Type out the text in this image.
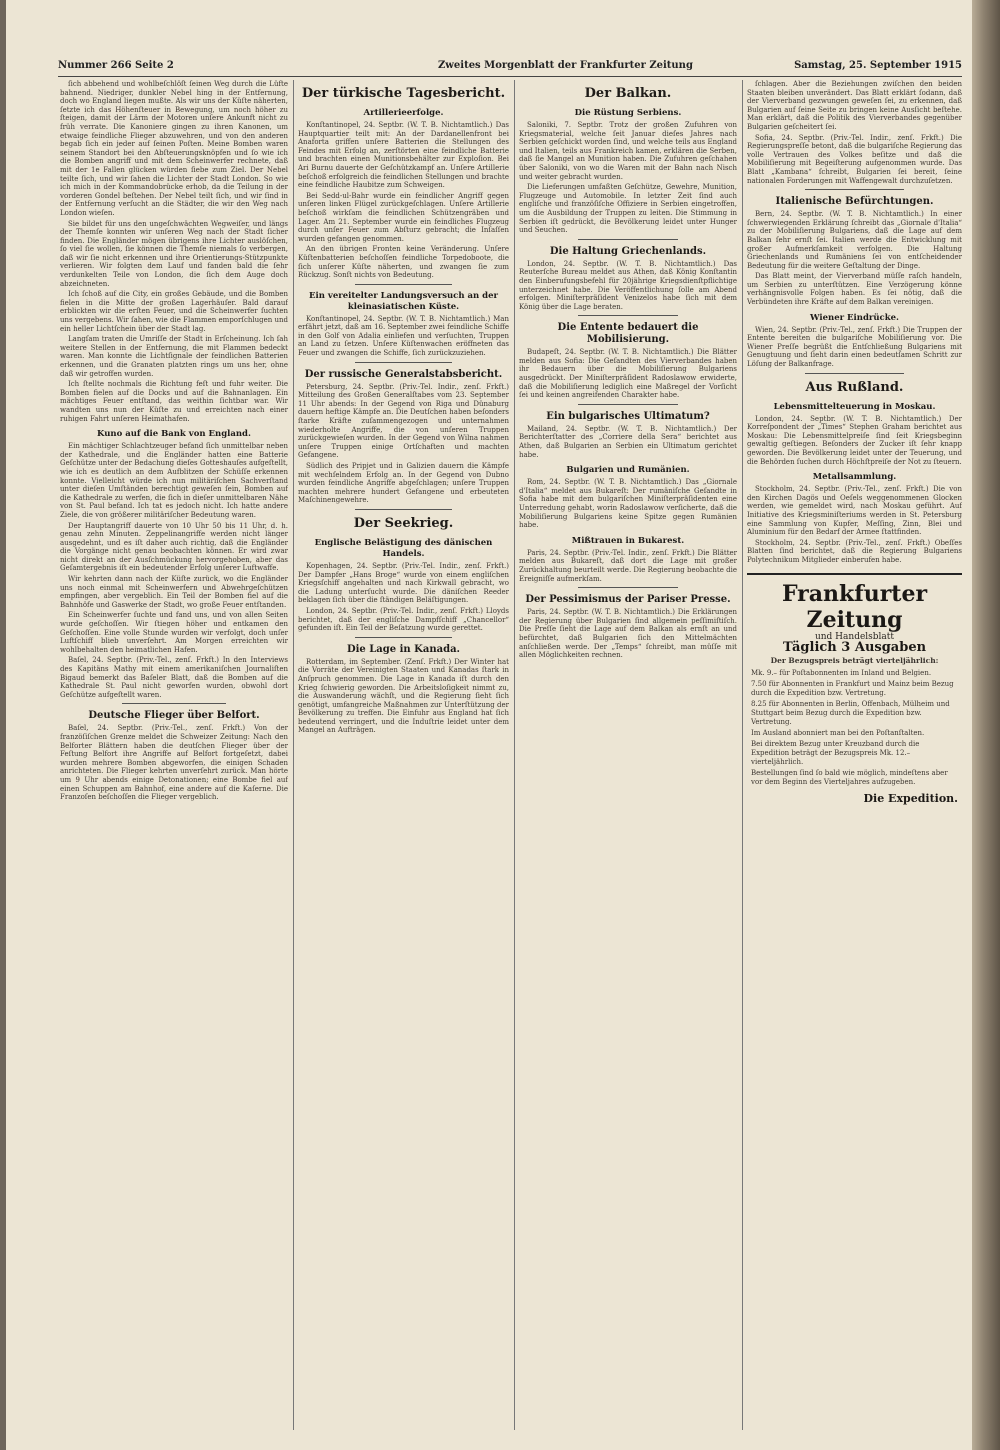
Nummer 266 Seite 2	Zweites Morgenblatt der Frankfurter Zeitung	Samstag, 25. September 1915

ſich abbehend und wohlbeſchlöſt ſeinen Weg durch die Lüfte bahnend. Niedriger, dunkler Nebel hing in der Entfernung, doch wo England liegen mußte. Als wir uns der Küſte näherten, ſetzte ich das Höhenſteuer in Bewegung, um noch höher zu ſteigen, damit der Lärm der Motoren unſere Ankunft nicht zu früh verrate. Die Kanoniere gingen zu ihren Kanonen, um etwaige feindliche Flieger abzuwehren, und von den anderen begab ſich ein jeder auf ſeinen Poſten. Meine Bomben waren seinem Standort bei den Abſteuerungsknöpfen und ſo wie ich die Bomben angriff und mit dem Scheinwerfer rechnete, daß mit der 1e Fallen glücken würden ſiebe zum Ziel. Der Nebel teilte ſich, und wir ſahen die Lichter der Stadt London. So wie ich mich in der Kommandobrücke erhob, da die Teilung in der vorderen Gondel beſtehen. Der Nebel teilt ſich, und wir ſind in der Entfernung verſucht an die Städter, die wir den Weg nach London wieſen.

Sie bildet für uns den ungeſchwächten Wegweiſer, und längs der Themſe konnten wir unſeren Weg nach der Stadt ſicher finden. Die Engländer mögen übrigens ihre Lichter auslöſchen, ſo viel ſie wollen, ſie können die Themſe niemals ſo verbergen, daß wir ſie nicht erkennen und ihre Orientierungs-Stützpunkte verlieren. Wir folgten dem Lauf und fanden bald die ſehr verdunkelten Teile von London, die ſich dem Auge doch abzeichneten.

Ich ſchoß auf die City, ein großes Gebäude, und die Bomben fielen in die Mitte der großen Lagerhäuſer. Bald darauf erblickten wir die erſten Feuer, und die Scheinwerfer ſuchten uns vergebens. Wir ſahen, wie die Flammen emporſchlugen und ein heller Lichtſchein über der Stadt lag.

Langſam traten die Umriſſe der Stadt in Erſcheinung. Ich ſah weitere Stellen in der Entfernung, die mit Flammen bedeckt waren. Man konnte die Lichtſignale der feindlichen Batterien erkennen, und die Granaten platzten rings um uns her, ohne daß wir getroffen wurden.

Ich ſtellte nochmals die Richtung feſt und fuhr weiter. Die Bomben fielen auf die Docks und auf die Bahnanlagen. Ein mächtiges Feuer entſtand, das weithin ſichtbar war. Wir wandten uns nun der Küſte zu und erreichten nach einer ruhigen Fahrt unſeren Heimathafen.

Kuno auf die Bank von England.

Ein mächtiger Schlachtzeuger befand ſich unmittelbar neben der Kathedrale, und die Engländer hatten eine Batterie Geſchütze unter der Bedachung dieſes Gotteshauſes aufgeſtellt, wie ich es deutlich an dem Aufblitzen der Schüſſe erkennen konnte. Vielleicht würde ich nun militäriſchen Sachverſtand unter dieſen Umſtänden berechtigt geweſen ſein, Bomben auf die Kathedrale zu werfen, die ſich in dieſer unmittelbaren Nähe von St. Paul befand. Ich tat es jedoch nicht. Ich hatte andere Ziele, die von größerer militäriſcher Bedeutung waren.

Der Hauptangriff dauerte von 10 Uhr 50 bis 11 Uhr, d. h. genau zehn Minuten. Zeppelinangriffe werden nicht länger ausgedehnt, und es iſt daher auch richtig, daß die Engländer die Vorgänge nicht genau beobachten können. Er wird zwar nicht direkt an der Ausſchmückung hervorgehoben, aber das Geſamtergebnis iſt ein bedeutender Erfolg unſerer Luftwaffe.

Wir kehrten dann nach der Küſte zurück, wo die Engländer uns noch einmal mit Scheinwerfern und Abwehrgeſchützen empfingen, aber vergeblich. Ein Teil der Bomben fiel auf die Bahnhöfe und Gaswerke der Stadt, wo große Feuer entſtanden.

Ein Scheinwerfer ſuchte und fand uns, und von allen Seiten wurde geſchoſſen. Wir ſtiegen höher und entkamen den Geſchoſſen. Eine volle Stunde wurden wir verfolgt, doch unſer Luftſchiff blieb unverſehrt. Am Morgen erreichten wir wohlbehalten den heimatlichen Hafen.

Baſel, 24. Septbr. (Priv.-Tel., zenſ. Frkft.) In den Interviews des Kapitäns Mathy mit einem amerikaniſchen Journaliſten Bigaud bemerkt das Baſeler Blatt, daß die Bomben auf die Kathedrale St. Paul nicht geworfen wurden, obwohl dort Geſchütze aufgeſtellt waren.

Deutsche Flieger über Belfort.

Baſel, 24. Septbr. (Priv.-Tel., zenſ. Frkft.) Von der franzöſiſchen Grenze meldet die Schweizer Zeitung: Nach den Belforter Blättern haben die deutſchen Flieger über der Feſtung Belfort ihre Angriffe auf Belfort fortgeſetzt, dabei wurden mehrere Bomben abgeworfen, die einigen Schaden anrichteten. Die Flieger kehrten unverſehrt zurück. Man hörte um 9 Uhr abends einige Detonationen; eine Bombe fiel auf einen Schuppen am Bahnhof, eine andere auf die Kaſerne. Die Franzoſen beſchoſſen die Flieger vergeblich.

Der türkische Tagesbericht.
Artillerieerfolge.

Konſtantinopel, 24. Septbr. (W. T. B. Nichtamtlich.) Das Hauptquartier teilt mit: An der Dardanellenfront bei Anaforta griffen unſere Batterien die Stellungen des Feindes mit Erfolg an, zerſtörten eine feindliche Batterie und brachten einen Munitionsbehälter zur Exploſion. Bei Ari Burnu dauerte der Geſchützkampf an. Unſere Artillerie beſchoß erfolgreich die feindlichen Stellungen und brachte eine feindliche Haubitze zum Schweigen.

Bei Sedd-ul-Bahr wurde ein feindlicher Angriff gegen unſeren linken Flügel zurückgeſchlagen. Unſere Artillerie beſchoß wirkſam die feindlichen Schützengräben und Lager. Am 21. September wurde ein feindliches Flugzeug durch unſer Feuer zum Abſturz gebracht; die Inſaſſen wurden gefangen genommen.

An den übrigen Fronten keine Veränderung. Unſere Küſtenbatterien beſchoſſen feindliche Torpedoboote, die ſich unſerer Küſte näherten, und zwangen ſie zum Rückzug. Sonſt nichts von Bedeutung.

Ein vereitelter Landungsversuch an der kleinasiatischen Küste.

Konſtantinopel, 24. Septbr. (W. T. B. Nichtamtlich.) Man erfährt jetzt, daß am 16. September zwei feindliche Schiffe in den Golf von Adalia einliefen und verſuchten, Truppen an Land zu ſetzen. Unſere Küſtenwachen eröffneten das Feuer und zwangen die Schiffe, ſich zurückzuziehen.

Der russische Generalstabsbericht.

Petersburg, 24. Septbr. (Priv.-Tel. Indir., zenſ. Frkft.) Mitteilung des Großen Generalſtabes vom 23. September 11 Uhr abends: In der Gegend von Riga und Dünaburg dauern heftige Kämpfe an. Die Deutſchen haben beſonders ſtarke Kräfte zuſammengezogen und unternahmen wiederholte Angriffe, die von unſeren Truppen zurückgewieſen wurden. In der Gegend von Wilna nahmen unſere Truppen einige Ortſchaften und machten Gefangene.

Südlich des Pripjet und in Galizien dauern die Kämpfe mit wechſelndem Erfolg an. In der Gegend von Dubno wurden feindliche Angriffe abgeſchlagen; unſere Truppen machten mehrere hundert Gefangene und erbeuteten Maſchinengewehre.

Der Seekrieg.
Englische Belästigung des dänischen Handels.

Kopenhagen, 24. Septbr. (Priv.-Tel. Indir., zenſ. Frkft.) Der Dampfer „Hans Broge“ wurde von einem engliſchen Kriegsſchiff angehalten und nach Kirkwall gebracht, wo die Ladung unterſucht wurde. Die däniſchen Reeder beklagen ſich über die ſtändigen Beläſtigungen.

London, 24. Septbr. (Priv.-Tel. Indir., zenſ. Frkft.) Lloyds berichtet, daß der engliſche Dampfſchiff „Chancellor“ gefunden iſt. Ein Teil der Beſatzung wurde gerettet.

Die Lage in Kanada.

Rotterdam, im September. (Zenſ. Frkft.) Der Winter hat die Vorräte der Vereinigten Staaten und Kanadas ſtark in Anſpruch genommen. Die Lage in Kanada iſt durch den Krieg ſchwierig geworden. Die Arbeitsloſigkeit nimmt zu, die Auswanderung wächſt, und die Regierung ſieht ſich genötigt, umfangreiche Maßnahmen zur Unterſtützung der Bevölkerung zu treffen. Die Einfuhr aus England hat ſich bedeutend verringert, und die Induſtrie leidet unter dem Mangel an Aufträgen.

Der Balkan.
Die Rüstung Serbiens.

Saloniki, 7. Septbr. Trotz der großen Zufuhren von Kriegsmaterial, welche ſeit Januar dieſes Jahres nach Serbien geſchickt worden ſind, und welche teils aus England und Italien, teils aus Frankreich kamen, erklären die Serben, daß ſie Mangel an Munition haben. Die Zufuhren geſchahen über Saloniki, von wo die Waren mit der Bahn nach Nisch und weiter gebracht wurden.

Die Lieferungen umfaßten Geſchütze, Gewehre, Munition, Flugzeuge und Automobile. In letzter Zeit ſind auch engliſche und franzöſiſche Offiziere in Serbien eingetroffen, um die Ausbildung der Truppen zu leiten. Die Stimmung in Serbien iſt gedrückt, die Bevölkerung leidet unter Hunger und Seuchen.

Die Haltung Griechenlands.

London, 24. Septbr. (W. T. B. Nichtamtlich.) Das Reuterſche Bureau meldet aus Athen, daß König Konſtantin den Einberufungsbefehl für 20jährige Kriegsdienſtpflichtige unterzeichnet habe. Die Veröffentlichung ſolle am Abend erfolgen. Miniſterpräſident Venizelos habe ſich mit dem König über die Lage beraten.

Die Entente bedauert die Mobilisierung.

Budapeſt, 24. Septbr. (W. T. B. Nichtamtlich.) Die Blätter melden aus Sofia: Die Geſandten des Vierverbandes haben ihr Bedauern über die Mobiliſierung Bulgariens ausgedrückt. Der Miniſterpräſident Radoslawow erwiderte, daß die Mobiliſierung lediglich eine Maßregel der Vorſicht ſei und keinen angreifenden Charakter habe.

Ein bulgarisches Ultimatum?

Mailand, 24. Septbr. (W. T. B. Nichtamtlich.) Der Berichterſtatter des „Corriere della Sera“ berichtet aus Athen, daß Bulgarien an Serbien ein Ultimatum gerichtet habe.

Bulgarien und Rumänien.

Rom, 24. Septbr. (W. T. B. Nichtamtlich.) Das „Giornale d'Italia“ meldet aus Bukareſt: Der rumäniſche Geſandte in Sofia habe mit dem bulgariſchen Miniſterpräſidenten eine Unterredung gehabt, worin Radoslawow verſicherte, daß die Mobiliſierung Bulgariens keine Spitze gegen Rumänien habe.

Mißtrauen in Bukarest.

Paris, 24. Septbr. (Priv.-Tel. Indir., zenſ. Frkft.) Die Blätter melden aus Bukareſt, daß dort die Lage mit großer Zurückhaltung beurteilt werde. Die Regierung beobachte die Ereigniſſe aufmerkſam.

Der Pessimismus der Pariser Presse.

Paris, 24. Septbr. (W. T. B. Nichtamtlich.) Die Erklärungen der Regierung über Bulgarien ſind allgemein peſſimiſtiſch. Die Preſſe ſieht die Lage auf dem Balkan als ernſt an und befürchtet, daß Bulgarien ſich den Mittelmächten anſchließen werde. Der „Temps“ ſchreibt, man müſſe mit allen Möglichkeiten rechnen.

ſchlagen. Aber die Beziehungen zwiſchen den beiden Staaten bleiben unverändert. Das Blatt erklärt ſodann, daß der Vierverband gezwungen geweſen ſei, zu erkennen, daß Bulgarien auf ſeine Seite zu bringen keine Ausſicht beſtehe. Man erklärt, daß die Politik des Vierverbandes gegenüber Bulgarien geſcheitert ſei.

Sofia, 24. Septbr. (Priv.-Tel. Indir., zenſ. Frkft.) Die Regierungspreſſe betont, daß die bulgariſche Regierung das volle Vertrauen des Volkes beſitze und daß die Mobiliſierung mit Begeiſterung aufgenommen wurde. Das Blatt „Kambana“ ſchreibt, Bulgarien ſei bereit, ſeine nationalen Forderungen mit Waffengewalt durchzuſetzen.

Italienische Befürchtungen.

Bern, 24. Septbr. (W. T. B. Nichtamtlich.) In einer ſchwerwiegenden Erklärung ſchreibt das „Giornale d'Italia“ zu der Mobiliſierung Bulgariens, daß die Lage auf dem Balkan ſehr ernſt ſei. Italien werde die Entwicklung mit großer Aufmerkſamkeit verfolgen. Die Haltung Griechenlands und Rumäniens ſei von entſcheidender Bedeutung für die weitere Geſtaltung der Dinge.

Das Blatt meint, der Vierverband müſſe raſch handeln, um Serbien zu unterſtützen. Eine Verzögerung könne verhängnisvolle Folgen haben. Es ſei nötig, daß die Verbündeten ihre Kräfte auf dem Balkan vereinigen.

Wiener Eindrücke.

Wien, 24. Septbr. (Priv.-Tel., zenſ. Frkft.) Die Truppen der Entente bereiten die bulgariſche Mobiliſierung vor. Die Wiener Preſſe begrüßt die Entſchließung Bulgariens mit Genugtuung und ſieht darin einen bedeutſamen Schritt zur Löſung der Balkanfrage.

Aus Rußland.
Lebensmittelteuerung in Moskau.

London, 24. Septbr. (W. T. B. Nichtamtlich.) Der Korreſpondent der „Times“ Stephen Graham berichtet aus Moskau: Die Lebensmittelpreiſe ſind ſeit Kriegsbeginn gewaltig geſtiegen. Beſonders der Zucker iſt ſehr knapp geworden. Die Bevölkerung leidet unter der Teuerung, und die Behörden ſuchen durch Höchſtpreiſe der Not zu ſteuern.

Metallsammlung.

Stockholm, 24. Septbr. (Priv.-Tel., zenſ. Frkft.) Die von den Kirchen Dagös und Oeſels weggenommenen Glocken werden, wie gemeldet wird, nach Moskau geführt. Auf Initiative des Kriegsminiſteriums werden in St. Petersburg eine Sammlung von Kupfer, Meſſing, Zinn, Blei und Aluminium für den Bedarf der Armee ſtattfinden.

Stockholm, 24. Septbr. (Priv.-Tel., zenſ. Frkft.) Obeſſes Blatten ſind berichtet, daß die Regierung Bulgariens Polytechnikum Mitglieder einberufen habe.

Frankfurter Zeitung
und Handelsblatt
Täglich 3 Ausgaben
Der Bezugspreis beträgt vierteljährlich:
Mk. 9.– für Poſtabonnenten im Inland und Belgien.
7.50 für Abonnenten in Frankfurt und Mainz beim Bezug durch die Expedition bzw. Vertretung.
8.25 für Abonnenten in Berlin, Offenbach, Mülheim und Stuttgart beim Bezug durch die Expedition bzw. Vertretung.
Im Ausland abonniert man bei den Poſtanſtalten.
Bei direktem Bezug unter Kreuzband durch die Expedition beträgt der Bezugspreis Mk. 12.– vierteljährlich.
Bestellungen ſind ſo bald wie möglich, mindeſtens aber vor dem Beginn des Vierteljahres aufzugeben.
Die Expedition.
